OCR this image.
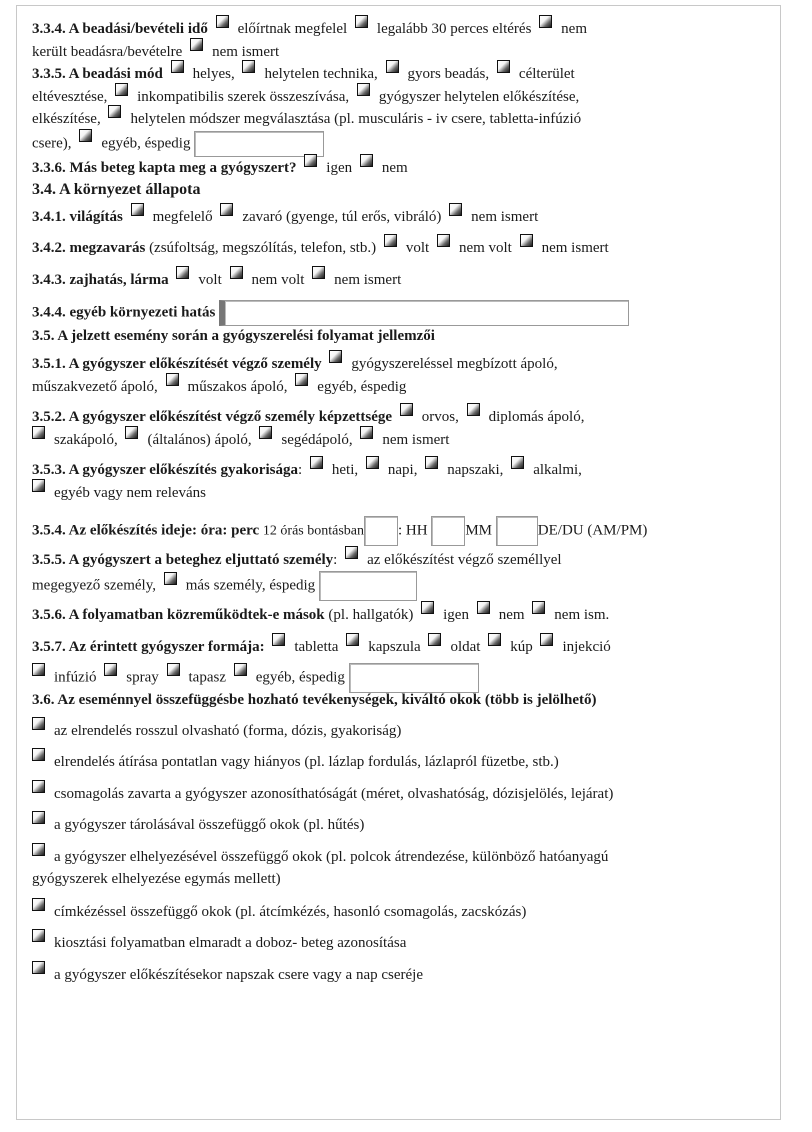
3.3.4. A beadási/bevételi idő előírtnak megfelel legalább 30 perces eltérés nem
került beadásra/bevételre nem ismert
3.3.5. A beadási mód helyes, helytelen technika, gyors beadás, célterület
eltévesztése, inkompatibilis szerek összeszívása, gyógyszer helytelen előkészítése,
elkészítése, helytelen módszer megválasztása (pl. musculáris - iv csere, tabletta-infúzió
csere), egyéb, éspedig
3.3.6. Más beteg kapta meg a gyógyszert? igen nem
3.4. A környezet állapota
3.4.1. világítás megfelelő zavaró (gyenge, túl erős, vibráló) nem ismert
3.4.2. megzavarás (zsúfoltság, megszólítás, telefon, stb.) volt nem volt nem ismert
3.4.3. zajhatás, lárma volt nem volt nem ismert
3.4.4. egyéb környezeti hatás
3.5. A jelzett esemény során a gyógyszerelési folyamat jellemzői
3.5.1. A gyógyszer előkészítését végző személy gyógyszereléssel megbízott ápoló,
műszakvezető ápoló, műszakos ápoló, egyéb, éspedig
3.5.2. A gyógyszer előkészítést végző személy képzettsége orvos, diplomás ápoló,
szakápoló, (általános) ápoló, segédápoló, nem ismert
3.5.3. A gyógyszer előkészítés gyakorisága: heti, napi, napszaki, alkalmi,
egyéb vagy nem releváns
3.5.4. Az előkészítés ideje: óra: perc 12 órás bontásban : HH	MM	DE/DU (AM/PM)
3.5.5. A gyógyszert a beteghez eljuttató személy: az előkészítést végző személlyel
megegyező személy, más személy, éspedig
3.5.6. A folyamatban közreműködtek-e mások (pl. hallgatók) igen nem nem ism.
3.5.7. Az érintett gyógyszer formája: tabletta kapszula oldat kúp injekció
infúzió spray tapasz egyéb, éspedig
3.6. Az eseménnyel összefüggésbe hozható tevékenységek, kiváltó okok (több is jelölhető)
az elrendelés rosszul olvasható (forma, dózis, gyakoriság)
elrendelés átírása pontatlan vagy hiányos (pl. lázlap fordulás, lázlapról füzetbe, stb.)
csomagolás zavarta a gyógyszer azonosíthatóságát (méret, olvashatóság, dózisjelölés, lejárat)
a gyógyszer tárolásával összefüggő okok (pl. hűtés)
a gyógyszer elhelyezésével összefüggő okok (pl. polcok átrendezése, különböző hatóanyagú
gyógyszerek elhelyezése egymás mellett)
címkézéssel összefüggő okok (pl. átcímkézés, hasonló csomagolás, zacskózás)
kiosztási folyamatban elmaradt a doboz- beteg azonosítása
a gyógyszer előkészítésekor napszak csere vagy a nap cseréje
